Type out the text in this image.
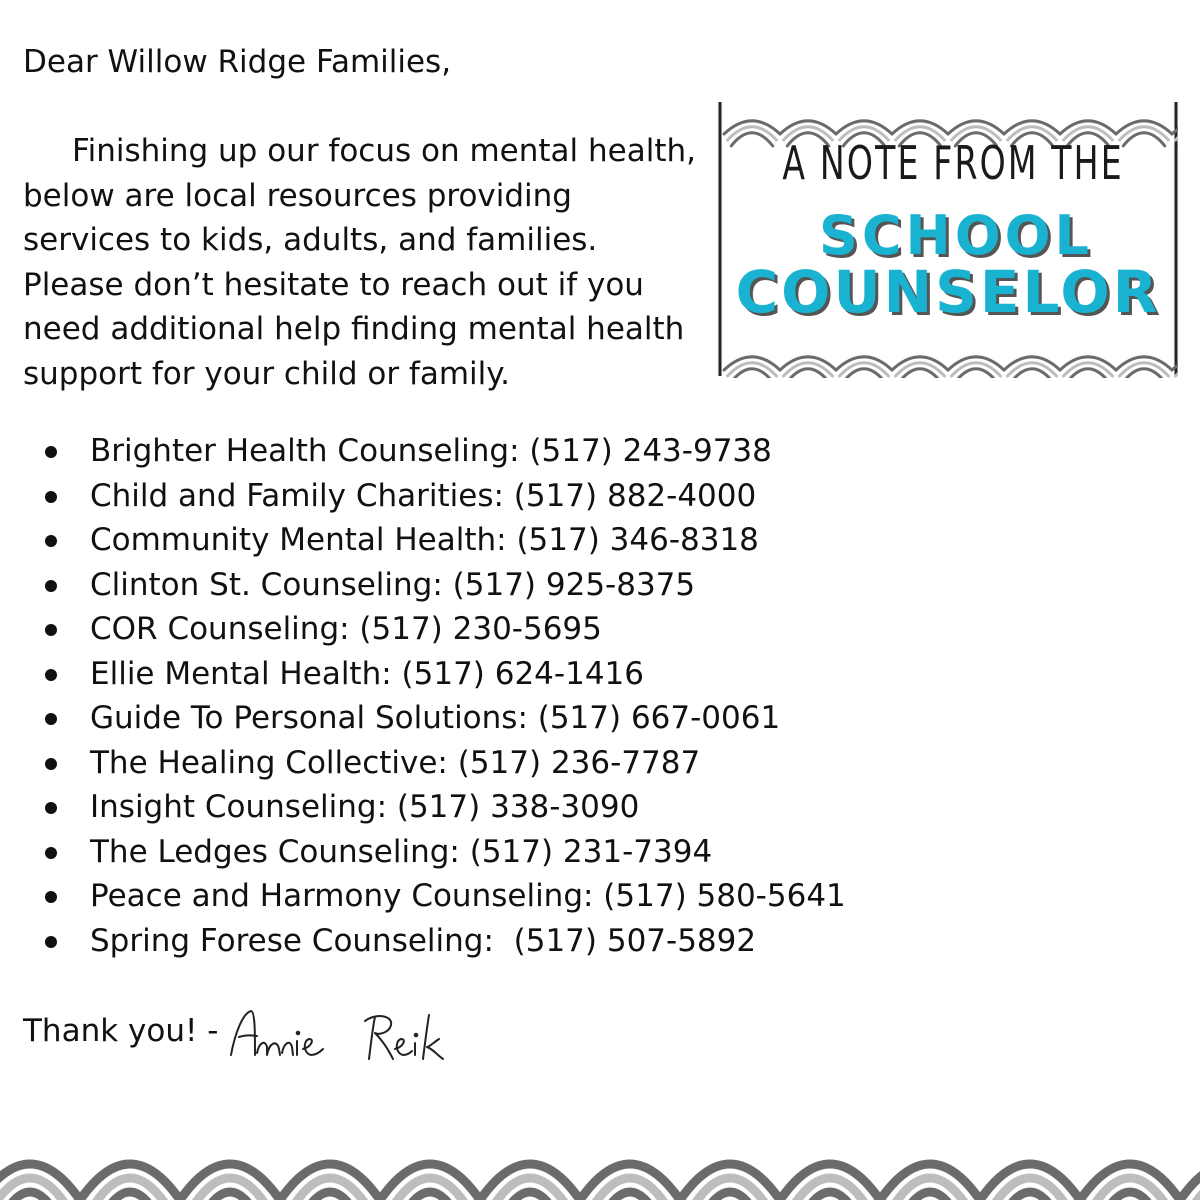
Dear Willow Ridge Families,

Finishing up our focus on mental health,
below are local resources providing
services to kids, adults, and families.
Please don’t hesitate to reach out if you
need additional help finding mental health
support for your child or family.

A NOTE FROM THE
SCHOOL
COUNSELOR
Brighter Health Counseling: (517) 243-9738
Child and Family Charities: (517) 882-4000
Community Mental Health: (517) 346-8318
Clinton St. Counseling: (517) 925-8375
COR Counseling: (517) 230-5695
Ellie Mental Health: (517) 624-1416
Guide To Personal Solutions: (517) 667-0061
The Healing Collective: (517) 236-7787
Insight Counseling: (517) 338-3090
The Ledges Counseling: (517) 231-7394
Peace and Harmony Counseling: (517) 580-5641
Spring Forese Counseling:  (517) 507-5892

Thank you! -
